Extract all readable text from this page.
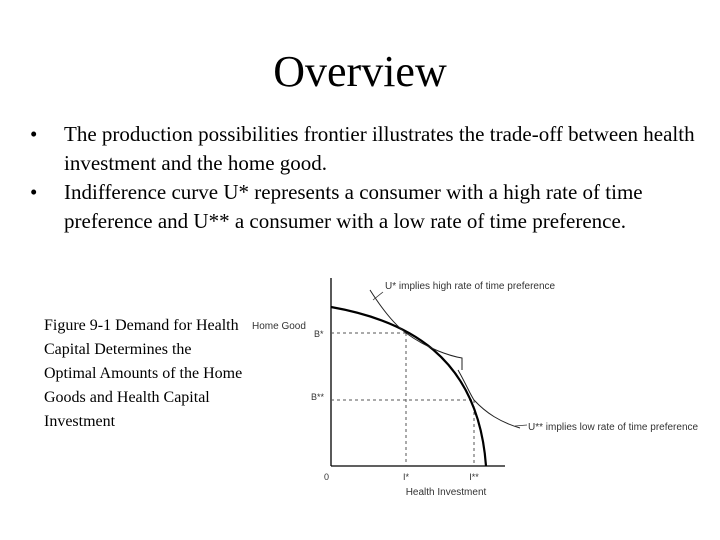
Overview
• The production possibilities frontier illustrates the trade-off between health investment and the home good.
• Indifference curve U* represents a consumer with a high rate of time preference and U** a consumer with a low rate of time preference.
Figure 9-1 Demand for Health Capital Determines the Optimal Amounts of the Home Goods and Health Capital Investment
U* implies high rate of time preference
U** implies low rate of time preference
Home Good
Health Investment
0
B*
B**
I*	I**
